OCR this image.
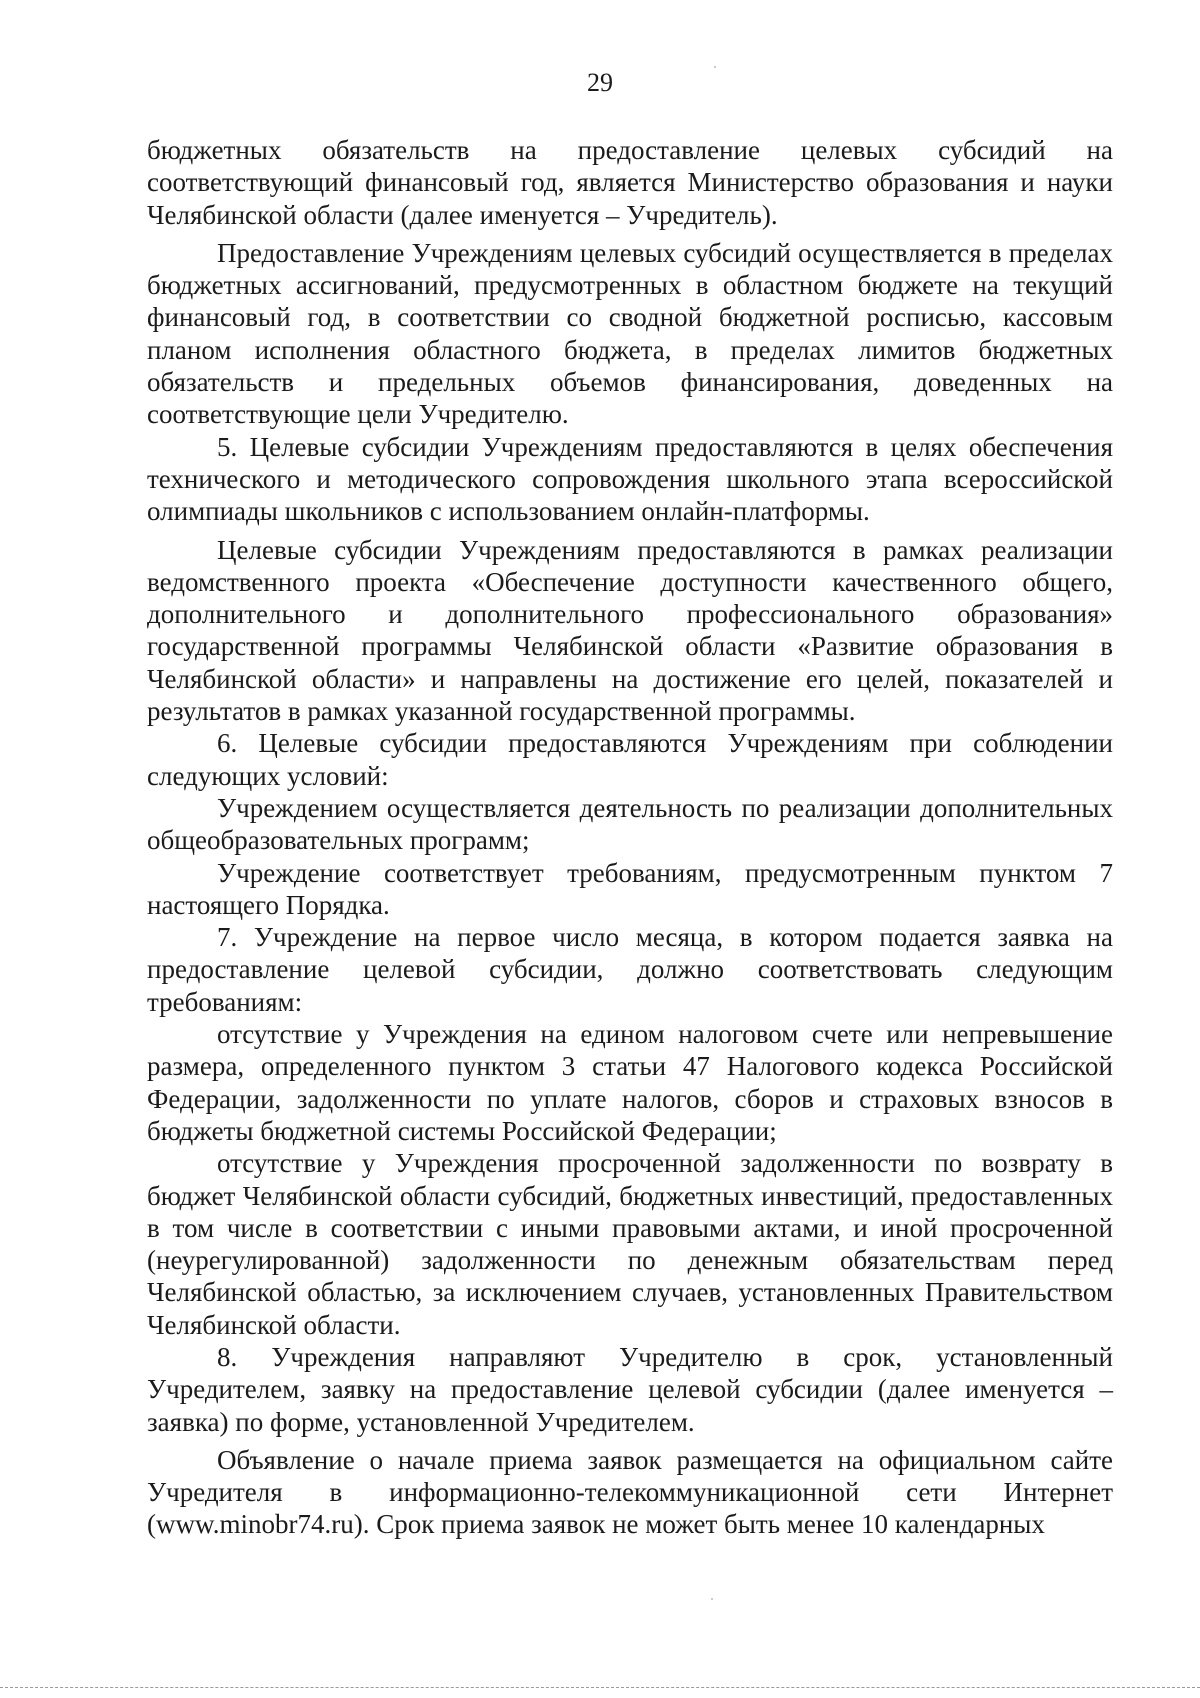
29

бюджетных обязательств на предоставление целевых субсидий на соответствующий финансовый год, является Министерство образования и науки Челябинской области (далее именуется – Учредитель).

Предоставление Учреждениям целевых субсидий осуществляется в пределах бюджетных ассигнований, предусмотренных в областном бюджете на текущий финансовый год, в соответствии со сводной бюджетной росписью, кассовым планом исполнения областного бюджета, в пределах лимитов бюджетных обязательств и предельных объемов финансирования, доведенных на соответствующие цели Учредителю.

5. Целевые субсидии Учреждениям предоставляются в целях обеспечения технического и методического сопровождения школьного этапа всероссийской олимпиады школьников с использованием онлайн-платформы.

Целевые субсидии Учреждениям предоставляются в рамках реализации ведомственного проекта «Обеспечение доступности качественного общего, дополнительного и дополнительного профессионального образования» государственной программы Челябинской области «Развитие образования в Челябинской области» и направлены на достижение его целей, показателей и результатов в рамках указанной государственной программы.

6. Целевые субсидии предоставляются Учреждениям при соблюдении следующих условий:

Учреждением осуществляется деятельность по реализации дополнительных общеобразовательных программ;

Учреждение соответствует требованиям, предусмотренным пунктом 7 настоящего Порядка.

7. Учреждение на первое число месяца, в котором подается заявка на предоставление целевой субсидии, должно соответствовать следующим требованиям:

отсутствие у Учреждения на едином налоговом счете или непревышение размера, определенного пунктом 3 статьи 47 Налогового кодекса Российской Федерации, задолженности по уплате налогов, сборов и страховых взносов в бюджеты бюджетной системы Российской Федерации;

отсутствие у Учреждения просроченной задолженности по возврату в бюджет Челябинской области субсидий, бюджетных инвестиций, предоставленных в том числе в соответствии с иными правовыми актами, и иной просроченной (неурегулированной) задолженности по денежным обязательствам перед Челябинской областью, за исключением случаев, установленных Правительством Челябинской области.

8. Учреждения направляют Учредителю в срок, установленный Учредителем, заявку на предоставление целевой субсидии (далее именуется – заявка) по форме, установленной Учредителем.

Объявление о начале приема заявок размещается на официальном сайте Учредителя в информационно-телекоммуникационной сети Интернет (www.minobr74.ru). Срок приема заявок не может быть менее 10 календарных
